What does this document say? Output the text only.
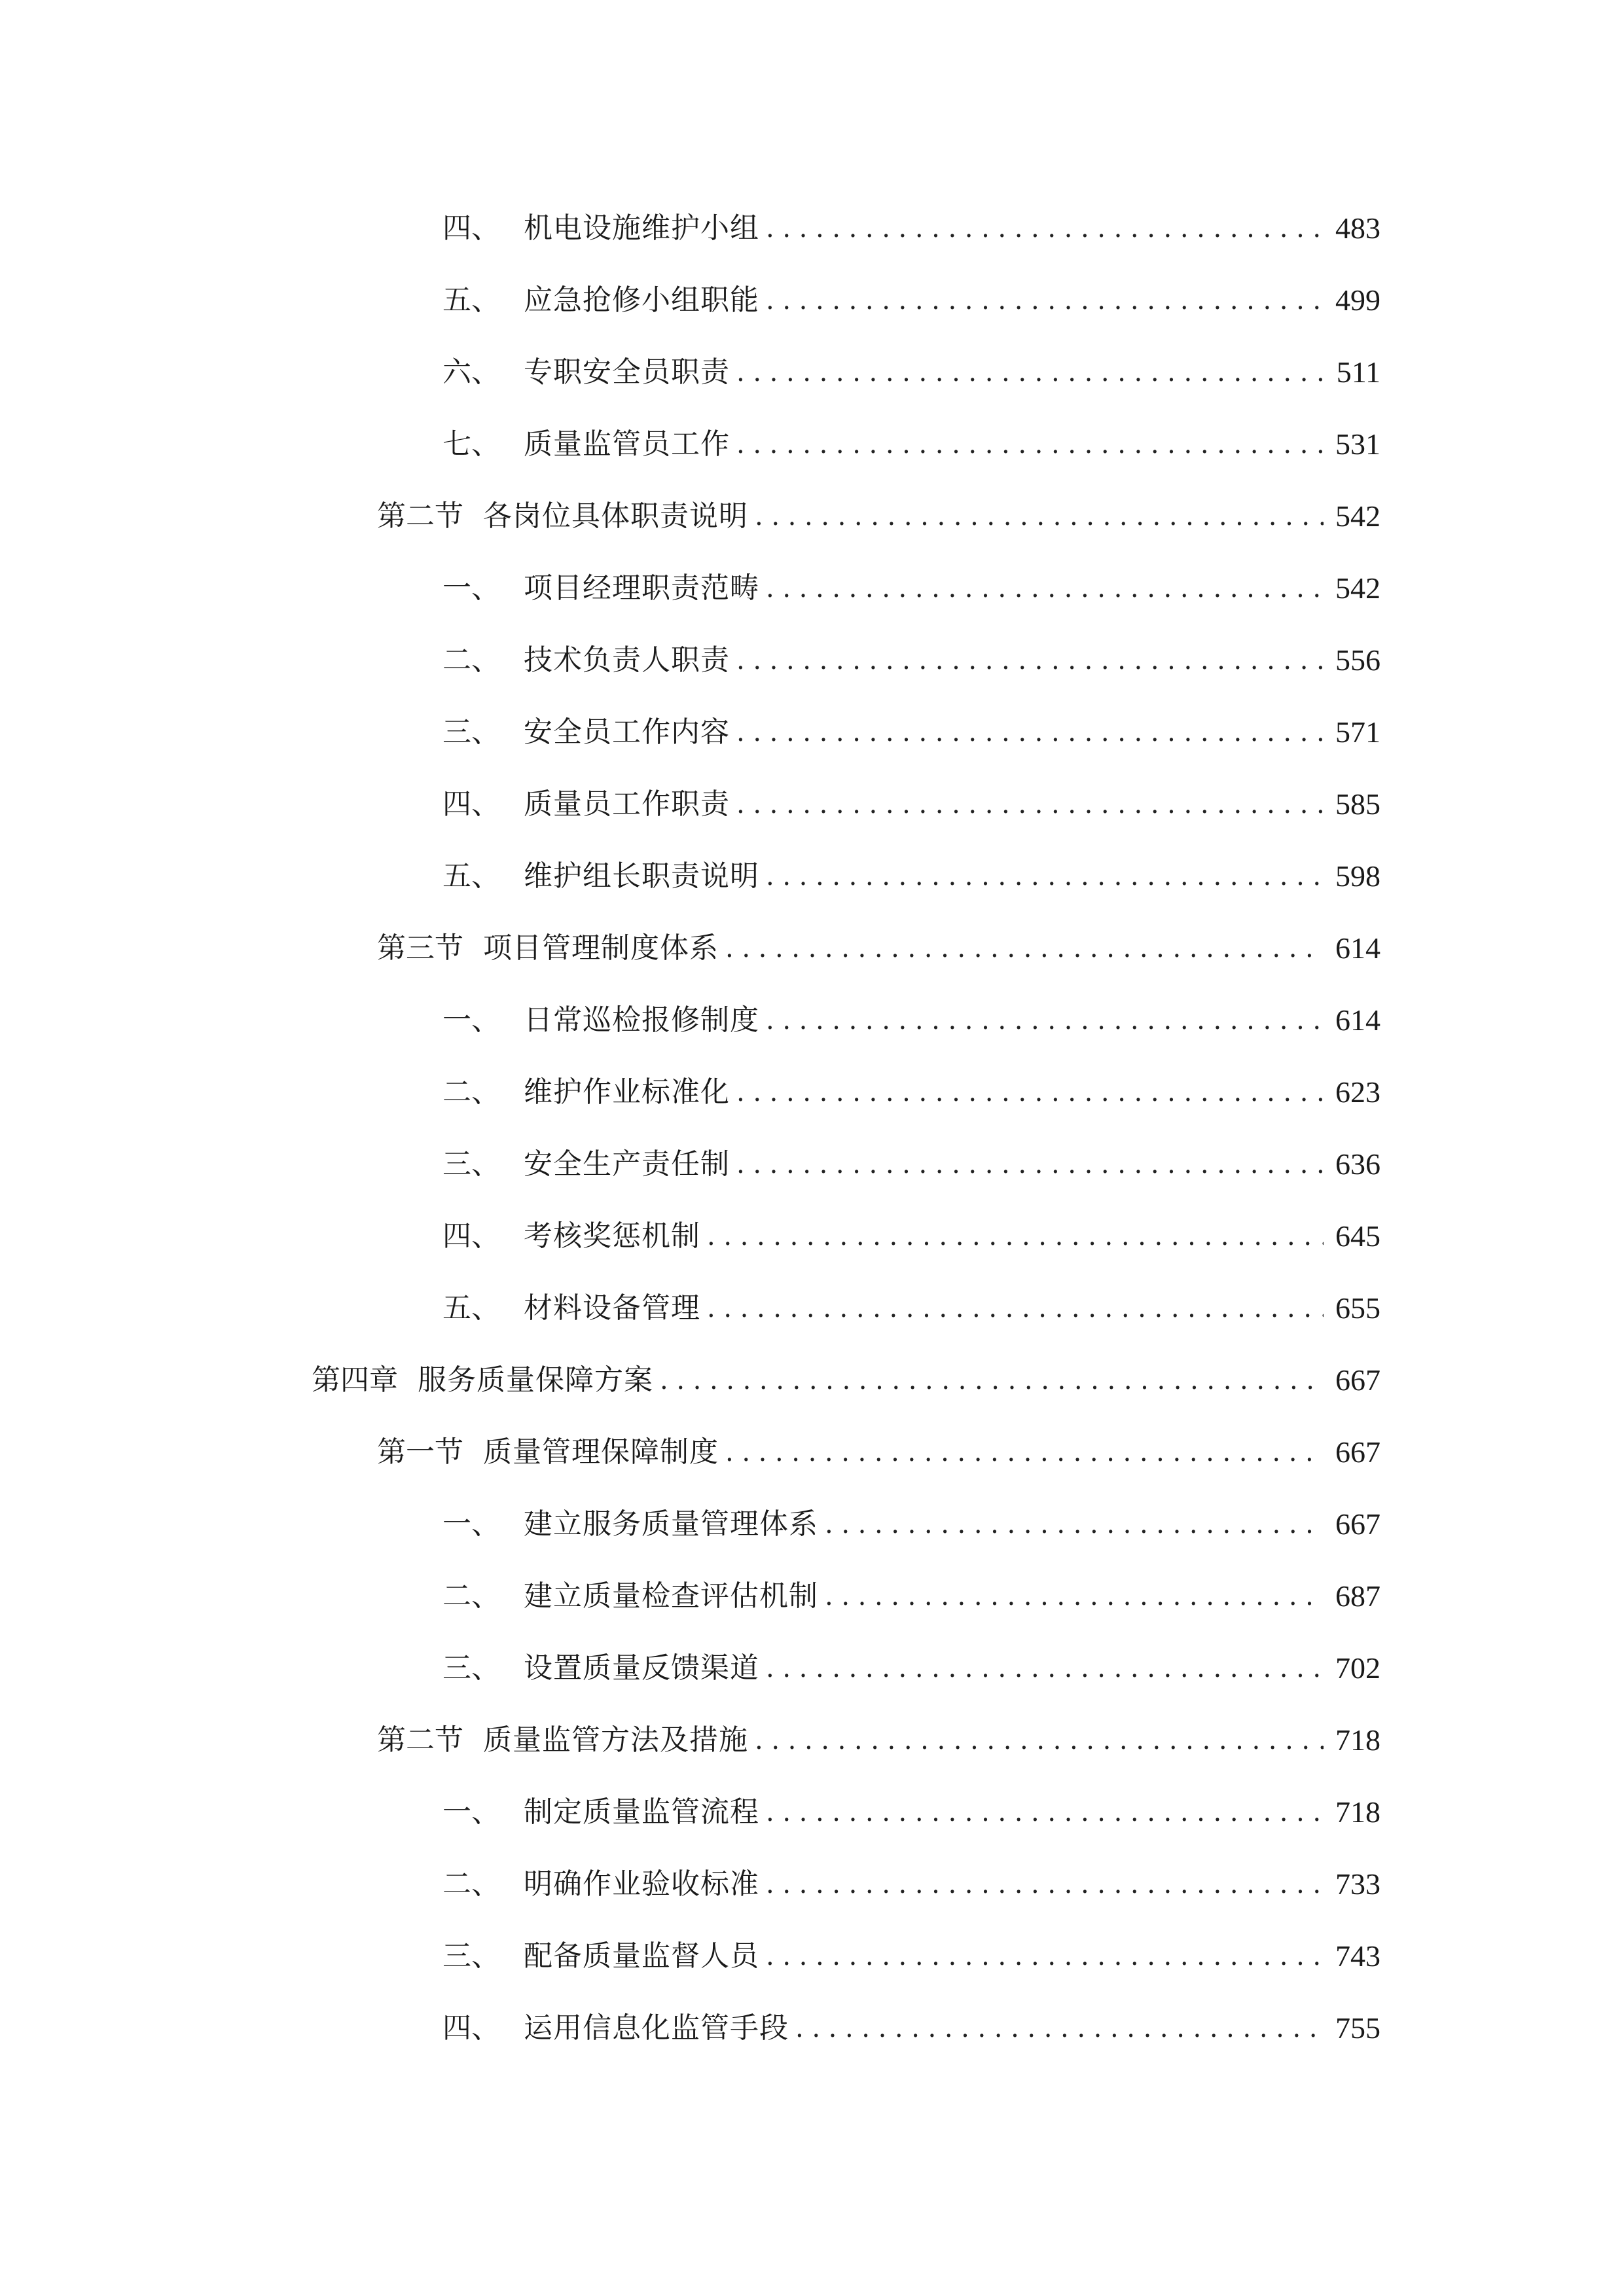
四、 机电设施维护小组 .....	483
五、 应急抢修小组职能 .....	499
六、 专职安全员职责 .....	511
七、 质量监管员工作 .....	531
第二节 各岗位具体职责说明 .....	542
一、 项目经理职责范畴 .....	542
二、 技术负责人职责 .....	556
三、 安全员工作内容 .....	571
四、 质量员工作职责 .....	585
五、 维护组长职责说明 .....	598
第三节 项目管理制度体系 .....	614
一、 日常巡检报修制度 .....	614
二、 维护作业标准化 .....	623
三、 安全生产责任制 .....	636
四、 考核奖惩机制 .....	645
五、 材料设备管理 .....	655
第四章 服务质量保障方案 .....	667
第一节 质量管理保障制度 .....	667
一、 建立服务质量管理体系 .....	667
二、 建立质量检查评估机制 .....	687
三、 设置质量反馈渠道 .....	702
第二节 质量监管方法及措施 .....	718
一、 制定质量监管流程 .....	718
二、 明确作业验收标准 .....	733
三、 配备质量监督人员 .....	743
四、 运用信息化监管手段 .....	755
